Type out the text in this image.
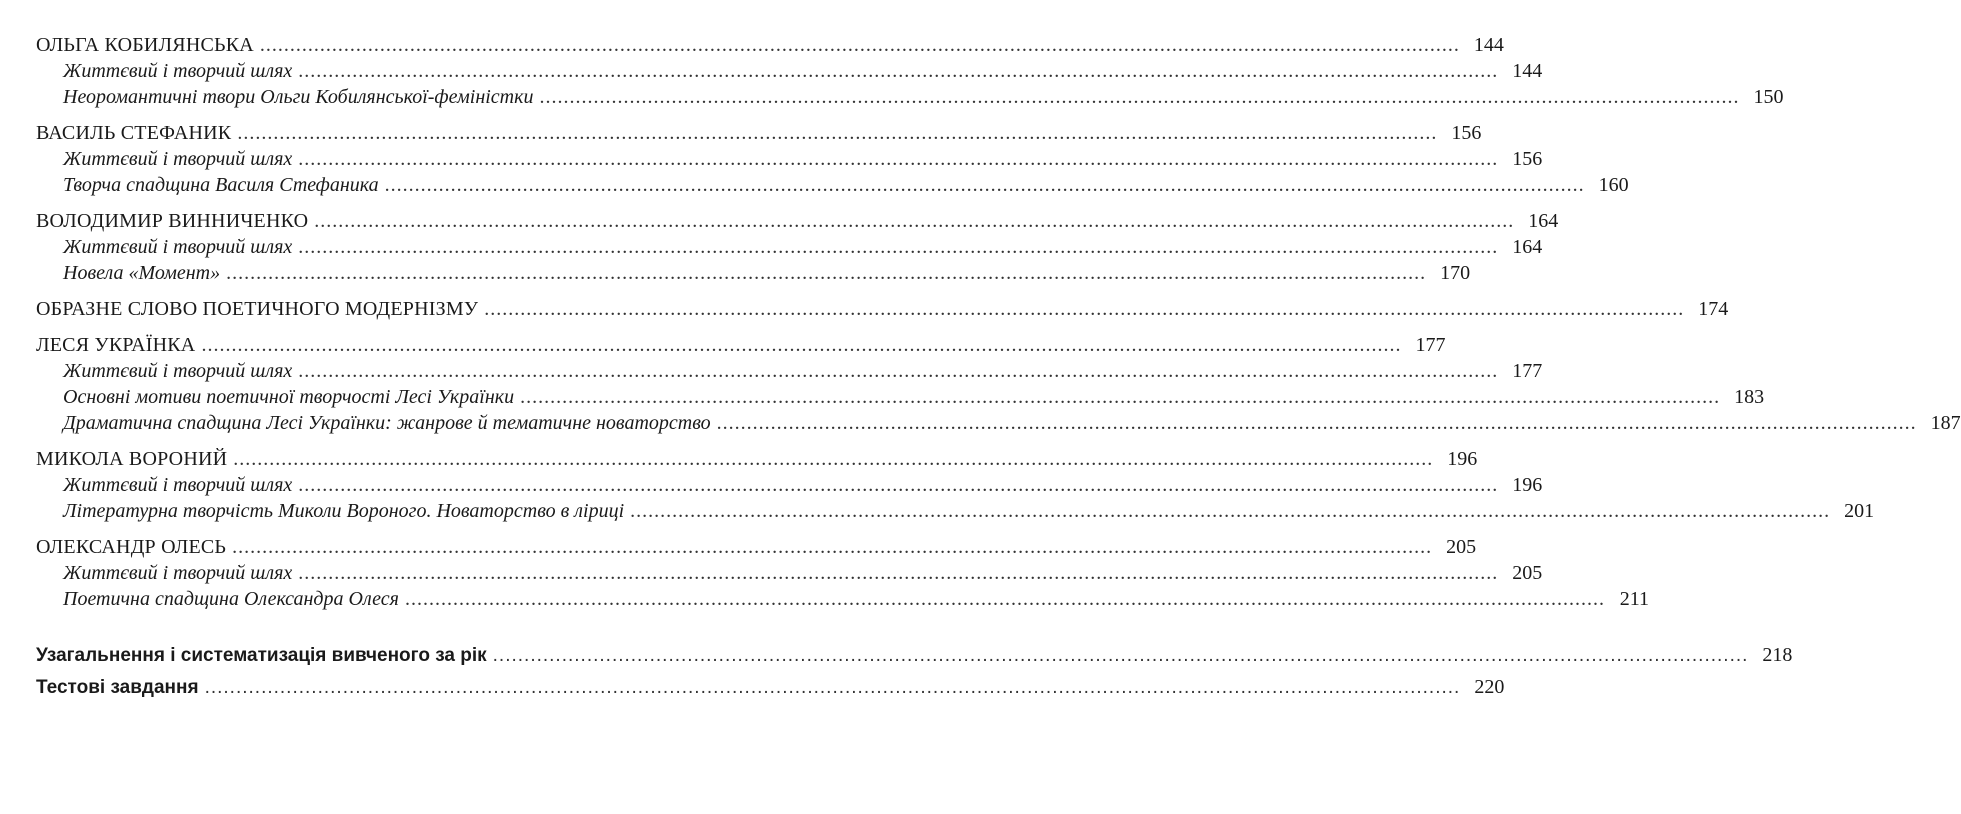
ОЛЬГА КОБИЛЯНСЬКА ........................................................................................................................................................................................................ 144
Життєвий і творчий шлях ........................................................................................................................................................................................................ 144
Неоромантичні твори Ольги Кобилянської-феміністки ........................................................................................................................................................................................................ 150
ВАСИЛЬ СТЕФАНИК ........................................................................................................................................................................................................ 156
Життєвий і творчий шлях ........................................................................................................................................................................................................ 156
Творча спадщина Василя Стефаника ........................................................................................................................................................................................................ 160
ВОЛОДИМИР ВИННИЧЕНКО ........................................................................................................................................................................................................ 164
Життєвий і творчий шлях ........................................................................................................................................................................................................ 164
Новела «Момент» ........................................................................................................................................................................................................ 170
ОБРАЗНЕ СЛОВО ПОЕТИЧНОГО МОДЕРНІЗМУ ........................................................................................................................................................................................................ 174
ЛЕСЯ УКРАЇНКА ........................................................................................................................................................................................................ 177
Життєвий і творчий шлях ........................................................................................................................................................................................................ 177
Основні мотиви поетичної творчості Лесі Українки ........................................................................................................................................................................................................ 183
Драматична спадщина Лесі Українки: жанрове й тематичне новаторство ........................................................................................................................................................................................................ 187
МИКОЛА ВОРОНИЙ ........................................................................................................................................................................................................ 196
Життєвий і творчий шлях ........................................................................................................................................................................................................ 196
Літературна творчість Миколи Вороного. Новаторство в ліриці ........................................................................................................................................................................................................ 201
ОЛЕКСАНДР ОЛЕСЬ ........................................................................................................................................................................................................ 205
Життєвий і творчий шлях ........................................................................................................................................................................................................ 205
Поетична спадщина Олександра Олеся ........................................................................................................................................................................................................ 211
Узагальнення і систематизація вивченого за рік ........................................................................................................................................................................................................ 218
Тестові завдання ........................................................................................................................................................................................................ 220
